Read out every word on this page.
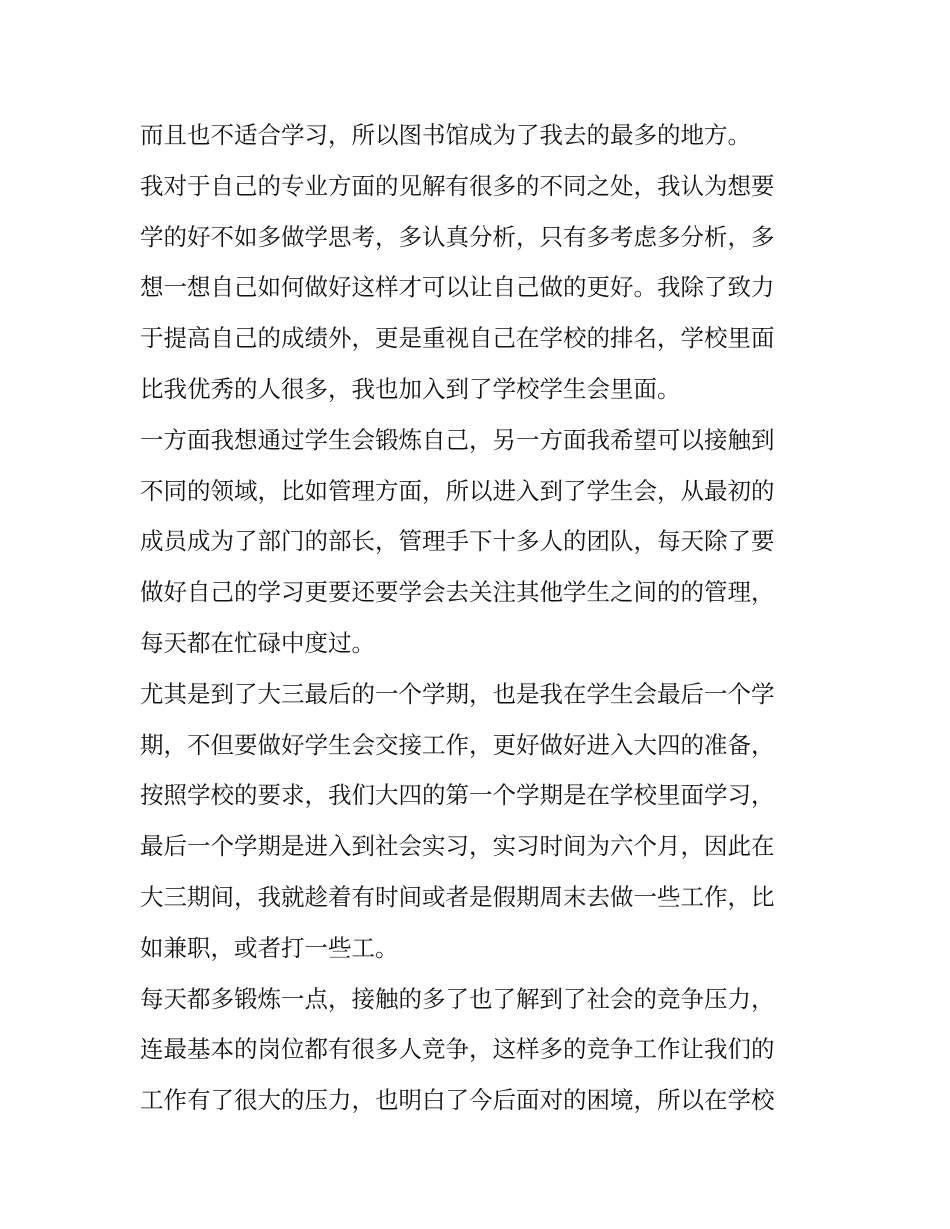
而且也不适合学习，所以图书馆成为了我去的最多的地方。
我对于自己的专业方面的见解有很多的不同之处，我认为想要
学的好不如多做学思考，多认真分析，只有多考虑多分析，多
想一想自己如何做好这样才可以让自己做的更好。我除了致力
于提高自己的成绩外，更是重视自己在学校的排名，学校里面
比我优秀的人很多，我也加入到了学校学生会里面。
一方面我想通过学生会锻炼自己，另一方面我希望可以接触到
不同的领域，比如管理方面，所以进入到了学生会，从最初的
成员成为了部门的部长，管理手下十多人的团队，每天除了要
做好自己的学习更要还要学会去关注其他学生之间的的管理，
每天都在忙碌中度过。
尤其是到了大三最后的一个学期，也是我在学生会最后一个学
期，不但要做好学生会交接工作，更好做好进入大四的准备，
按照学校的要求，我们大四的第一个学期是在学校里面学习，
最后一个学期是进入到社会实习，实习时间为六个月，因此在
大三期间，我就趁着有时间或者是假期周末去做一些工作，比
如兼职，或者打一些工。
每天都多锻炼一点，接触的多了也了解到了社会的竞争压力，
连最基本的岗位都有很多人竞争，这样多的竞争工作让我们的
工作有了很大的压力，也明白了今后面对的困境，所以在学校
